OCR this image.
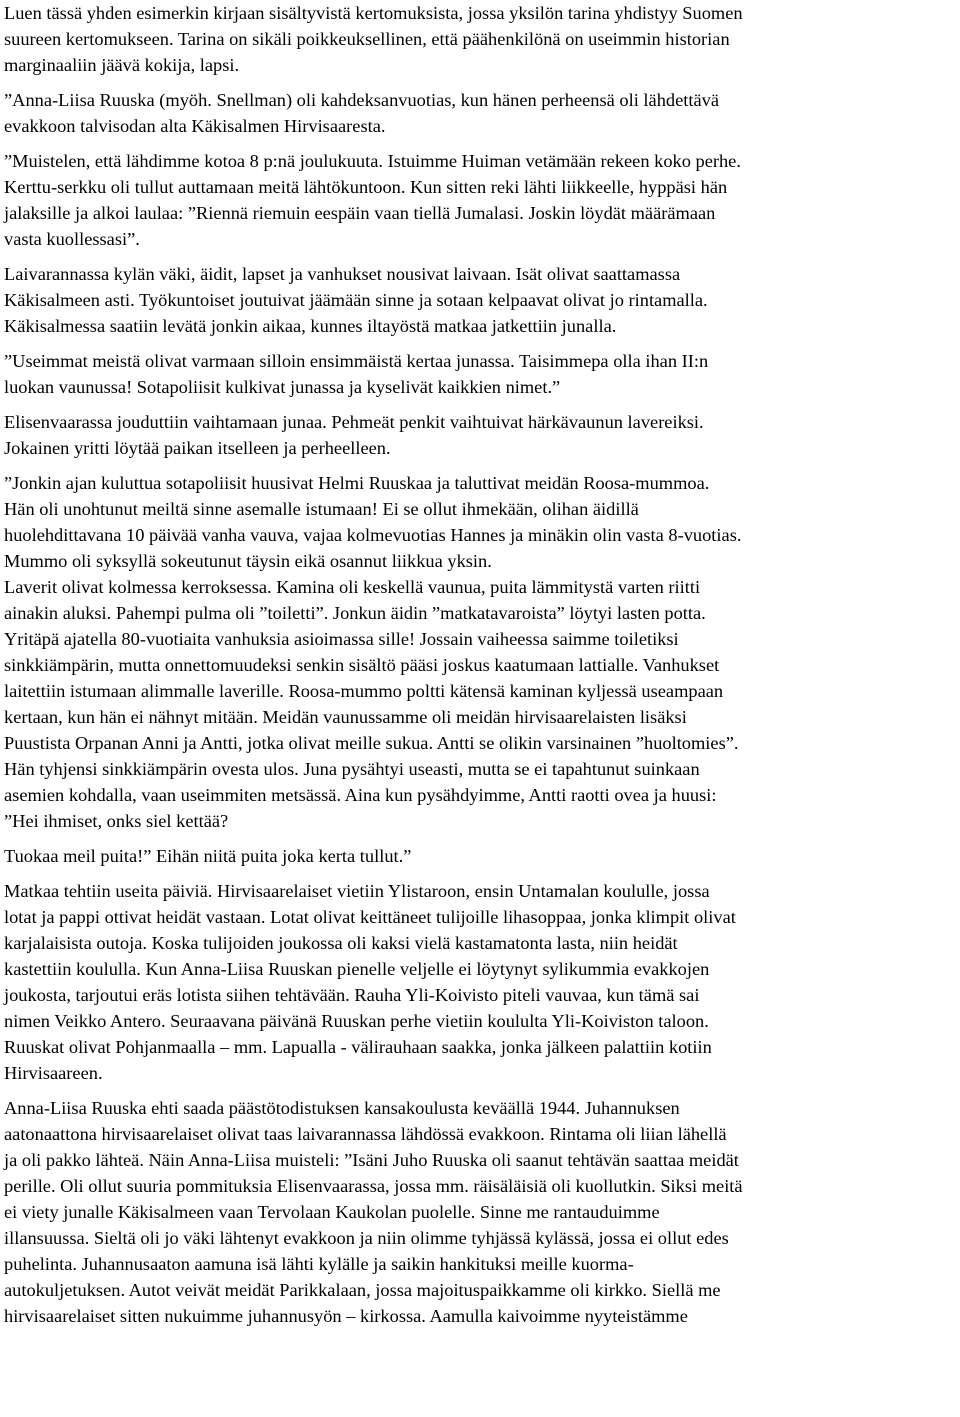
Luen tässä yhden esimerkin kirjaan sisältyvistä kertomuksista, jossa yksilön tarina yhdistyy Suomen
suureen kertomukseen. Tarina on sikäli poikkeuksellinen, että päähenkilönä on useimmin historian
marginaaliin jäävä kokija, lapsi.
”Anna-Liisa Ruuska (myöh. Snellman) oli kahdeksanvuotias, kun hänen perheensä oli lähdettävä
evakkoon talvisodan alta Käkisalmen Hirvisaaresta.
”Muistelen, että lähdimme kotoa 8 p:nä joulukuuta. Istuimme Huiman vetämään rekeen koko perhe.
Kerttu-serkku oli tullut auttamaan meitä lähtökuntoon. Kun sitten reki lähti liikkeelle, hyppäsi hän
jalaksille ja alkoi laulaa: ”Riennä riemuin eespäin vaan tiellä Jumalasi. Joskin löydät määrämaan
vasta kuollessasi”.
Laivarannassa kylän väki, äidit, lapset ja vanhukset nousivat laivaan. Isät olivat saattamassa
Käkisalmeen asti. Työkuntoiset joutuivat jäämään sinne ja sotaan kelpaavat olivat jo rintamalla.
Käkisalmessa saatiin levätä jonkin aikaa, kunnes iltayöstä matkaa jatkettiin junalla.
”Useimmat meistä olivat varmaan silloin ensimmäistä kertaa junassa. Taisimmepa olla ihan II:n
luokan vaunussa! Sotapoliisit kulkivat junassa ja kyselivät kaikkien nimet.”
Elisenvaarassa jouduttiin vaihtamaan junaa. Pehmeät penkit vaihtuivat härkävaunun lavereiksi.
Jokainen yritti löytää paikan itselleen ja perheelleen.
”Jonkin ajan kuluttua sotapoliisit huusivat Helmi Ruuskaa ja taluttivat meidän Roosa-mummoa.
Hän oli unohtunut meiltä sinne asemalle istumaan! Ei se ollut ihmekään, olihan äidillä
huolehdittavana 10 päivää vanha vauva, vajaa kolmevuotias Hannes ja minäkin olin vasta 8-vuotias.
Mummo oli syksyllä sokeutunut täysin eikä osannut liikkua yksin.
Laverit olivat kolmessa kerroksessa. Kamina oli keskellä vaunua, puita lämmitystä varten riitti
ainakin aluksi. Pahempi pulma oli ”toiletti”. Jonkun äidin ”matkatavaroista” löytyi lasten potta.
Yritäpä ajatella 80-vuotiaita vanhuksia asioimassa sille! Jossain vaiheessa saimme toiletiksi
sinkkiämpärin, mutta onnettomuudeksi senkin sisältö pääsi joskus kaatumaan lattialle. Vanhukset
laitettiin istumaan alimmalle laverille. Roosa-mummo poltti kätensä kaminan kyljessä useampaan
kertaan, kun hän ei nähnyt mitään. Meidän vaunussamme oli meidän hirvisaarelaisten lisäksi
Puustista Orpanan Anni ja Antti, jotka olivat meille sukua. Antti se olikin varsinainen ”huoltomies”.
Hän tyhjensi sinkkiämpärin ovesta ulos. Juna pysähtyi useasti, mutta se ei tapahtunut suinkaan
asemien kohdalla, vaan useimmiten metsässä. Aina kun pysähdyimme, Antti raotti ovea ja huusi:
”Hei ihmiset, onks siel kettää?
Tuokaa meil puita!” Eihän niitä puita joka kerta tullut.”
Matkaa tehtiin useita päiviä. Hirvisaarelaiset vietiin Ylistaroon, ensin Untamalan koululle, jossa
lotat ja pappi ottivat heidät vastaan. Lotat olivat keittäneet tulijoille lihasoppaa, jonka klimpit olivat
karjalaisista outoja. Koska tulijoiden joukossa oli kaksi vielä kastamatonta lasta, niin heidät
kastettiin koululla. Kun Anna-Liisa Ruuskan pienelle veljelle ei löytynyt sylikummia evakkojen
joukosta, tarjoutui eräs lotista siihen tehtävään. Rauha Yli-Koivisto piteli vauvaa, kun tämä sai
nimen Veikko Antero. Seuraavana päivänä Ruuskan perhe vietiin koululta Yli-Koiviston taloon.
Ruuskat olivat Pohjanmaalla – mm. Lapualla - välirauhaan saakka, jonka jälkeen palattiin kotiin
Hirvisaareen.
Anna-Liisa Ruuska ehti saada päästötodistuksen kansakoulusta keväällä 1944. Juhannuksen
aatonaattona hirvisaarelaiset olivat taas laivarannassa lähdössä evakkoon. Rintama oli liian lähellä
ja oli pakko lähteä. Näin Anna-Liisa muisteli: ”Isäni Juho Ruuska oli saanut tehtävän saattaa meidät
perille. Oli ollut suuria pommituksia Elisenvaarassa, jossa mm. räisäläisiä oli kuollutkin. Siksi meitä
ei viety junalle Käkisalmeen vaan Tervolaan Kaukolan puolelle. Sinne me rantauduimme
illansuussa. Sieltä oli jo väki lähtenyt evakkoon ja niin olimme tyhjässä kylässä, jossa ei ollut edes
puhelinta. Juhannusaaton aamuna isä lähti kylälle ja saikin hankituksi meille kuorma-
autokuljetuksen. Autot veivät meidät Parikkalaan, jossa majoituspaikkamme oli kirkko. Siellä me
hirvisaarelaiset sitten nukuimme juhannusyön – kirkossa. Aamulla kaivoimme nyyteistämme
